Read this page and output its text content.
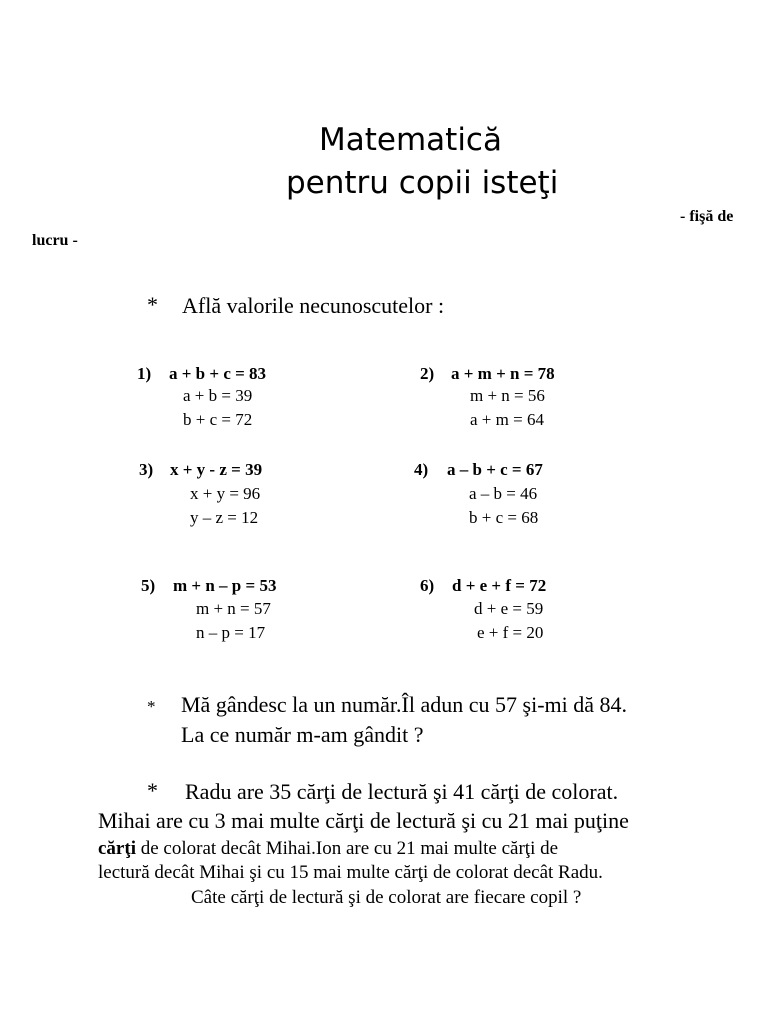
Matematică
pentru copii isteţi
- fişă de
lucru -
* Află valorile necunoscutelor :
1) a + b + c = 83
a + b = 39
b + c = 72
2) a + m + n = 78
m + n = 56
a + m = 64
3) x + y - z = 39
x + y = 96
y – z = 12
4) a – b + c = 67
a – b = 46
b + c = 68
5) m + n – p = 53
m + n = 57
n – p = 17
6) d + e + f = 72
d + e = 59
e + f = 20
* Mă gândesc la un număr.Îl adun cu 57 şi-mi dă 84.
La ce număr m-am gândit ?
* Radu are 35 cărţi de lectură şi 41 cărţi de colorat.
Mihai are cu 3 mai multe cărţi de lectură şi cu 21 mai puţine
cărţi de colorat decât Mihai.Ion are cu 21 mai multe cărţi de
lectură decât Mihai şi cu 15 mai multe cărţi de colorat decât Radu.
Câte cărţi de lectură şi de colorat are fiecare copil ?
